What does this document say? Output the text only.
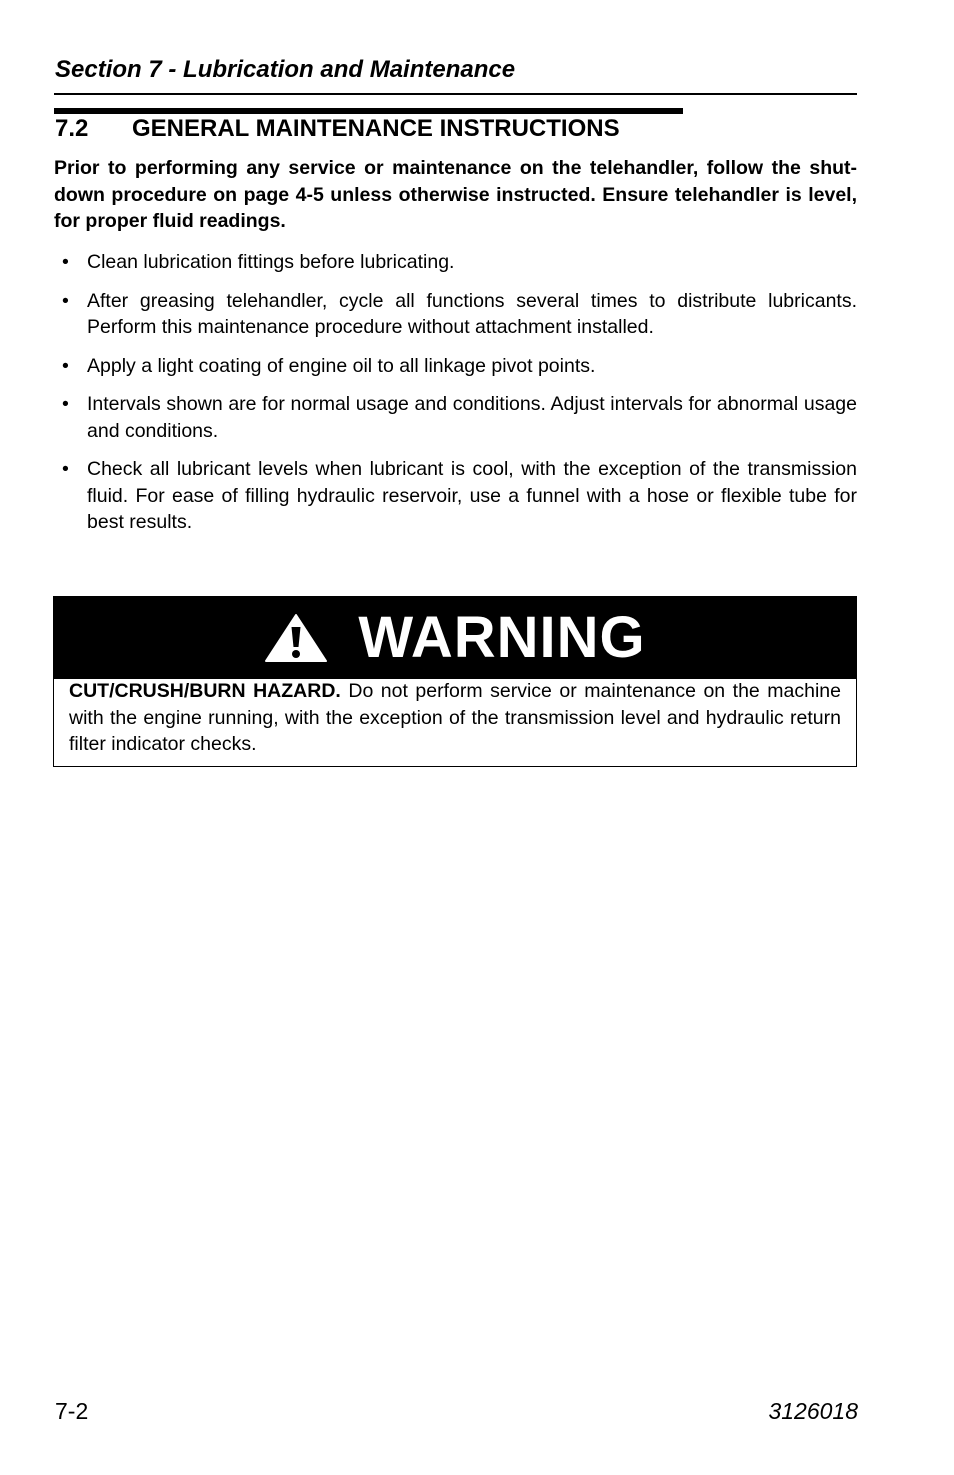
Section 7 - Lubrication and Maintenance
7.2 GENERAL MAINTENANCE INSTRUCTIONS

Prior to performing any service or maintenance on the telehandler, follow the shut-down procedure on page 4-5 unless otherwise instructed. Ensure telehandler is level, for proper fluid readings.

• Clean lubrication fittings before lubricating.
• After greasing telehandler, cycle all functions several times to distribute lubricants. Perform this maintenance procedure without attachment installed.
• Apply a light coating of engine oil to all linkage pivot points.
• Intervals shown are for normal usage and conditions. Adjust intervals for abnormal usage and conditions.
• Check all lubricant levels when lubricant is cool, with the exception of the transmission fluid. For ease of filling hydraulic reservoir, use a funnel with a hose or flexible tube for best results.
WARNING

CUT/CRUSH/BURN HAZARD. Do not perform service or maintenance on the machine with the engine running, with the exception of the transmission level and hydraulic return filter indicator checks.

7-2	3126018
